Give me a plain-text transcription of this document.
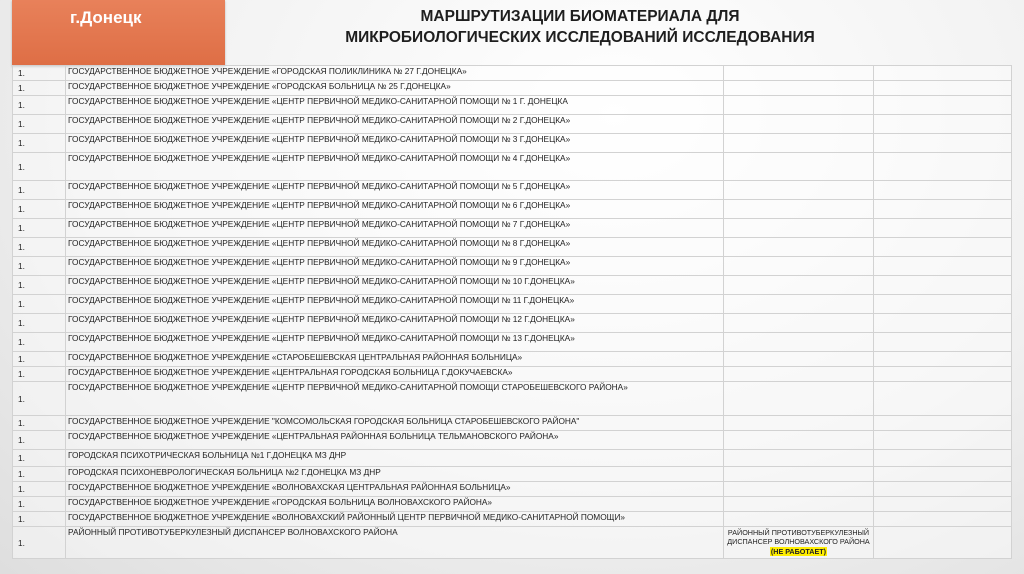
г.Донецк	МАРШРУТИЗАЦИИ БИОМАТЕРИАЛА ДЛЯ
МИКРОБИОЛОГИЧЕСКИХ ИССЛЕДОВАНИЙ ИССЛЕДОВАНИЯ
1.	ГОСУДАРСТВЕННОЕ БЮДЖЕТНОЕ УЧРЕЖДЕНИЕ «ГОРОДСКАЯ ПОЛИКЛИНИКА № 27 Г.ДОНЕЦКА»		
1.	ГОСУДАРСТВЕННОЕ БЮДЖЕТНОЕ УЧРЕЖДЕНИЕ «ГОРОДСКАЯ БОЛЬНИЦА № 25 Г.ДОНЕЦКА»		
1.	ГОСУДАРСТВЕННОЕ БЮДЖЕТНОЕ УЧРЕЖДЕНИЕ «ЦЕНТР ПЕРВИЧНОЙ МЕДИКО-САНИТАРНОЙ ПОМОЩИ № 1 Г. ДОНЕЦКА		
1.	ГОСУДАРСТВЕННОЕ БЮДЖЕТНОЕ УЧРЕЖДЕНИЕ «ЦЕНТР ПЕРВИЧНОЙ МЕДИКО-САНИТАРНОЙ ПОМОЩИ № 2 Г.ДОНЕЦКА»		
1.	ГОСУДАРСТВЕННОЕ БЮДЖЕТНОЕ УЧРЕЖДЕНИЕ «ЦЕНТР ПЕРВИЧНОЙ МЕДИКО-САНИТАРНОЙ ПОМОЩИ № 3 Г.ДОНЕЦКА»		
1.	ГОСУДАРСТВЕННОЕ БЮДЖЕТНОЕ УЧРЕЖДЕНИЕ «ЦЕНТР ПЕРВИЧНОЙ МЕДИКО-САНИТАРНОЙ ПОМОЩИ № 4 Г.ДОНЕЦКА»		
1.	ГОСУДАРСТВЕННОЕ БЮДЖЕТНОЕ УЧРЕЖДЕНИЕ «ЦЕНТР ПЕРВИЧНОЙ МЕДИКО-САНИТАРНОЙ ПОМОЩИ № 5 Г.ДОНЕЦКА»		
1.	ГОСУДАРСТВЕННОЕ БЮДЖЕТНОЕ УЧРЕЖДЕНИЕ «ЦЕНТР ПЕРВИЧНОЙ МЕДИКО-САНИТАРНОЙ ПОМОЩИ № 6 Г.ДОНЕЦКА»		
1.	ГОСУДАРСТВЕННОЕ БЮДЖЕТНОЕ УЧРЕЖДЕНИЕ «ЦЕНТР ПЕРВИЧНОЙ МЕДИКО-САНИТАРНОЙ ПОМОЩИ № 7 Г.ДОНЕЦКА»		
1.	ГОСУДАРСТВЕННОЕ БЮДЖЕТНОЕ УЧРЕЖДЕНИЕ «ЦЕНТР ПЕРВИЧНОЙ МЕДИКО-САНИТАРНОЙ ПОМОЩИ № 8 Г.ДОНЕЦКА»		
1.	ГОСУДАРСТВЕННОЕ БЮДЖЕТНОЕ УЧРЕЖДЕНИЕ «ЦЕНТР ПЕРВИЧНОЙ МЕДИКО-САНИТАРНОЙ ПОМОЩИ № 9 Г.ДОНЕЦКА»		
1.	ГОСУДАРСТВЕННОЕ БЮДЖЕТНОЕ УЧРЕЖДЕНИЕ «ЦЕНТР ПЕРВИЧНОЙ МЕДИКО-САНИТАРНОЙ ПОМОЩИ № 10 Г.ДОНЕЦКА»		
1.	ГОСУДАРСТВЕННОЕ БЮДЖЕТНОЕ УЧРЕЖДЕНИЕ «ЦЕНТР ПЕРВИЧНОЙ МЕДИКО-САНИТАРНОЙ ПОМОЩИ № 11 Г.ДОНЕЦКА»		
1.	ГОСУДАРСТВЕННОЕ БЮДЖЕТНОЕ УЧРЕЖДЕНИЕ «ЦЕНТР ПЕРВИЧНОЙ МЕДИКО-САНИТАРНОЙ ПОМОЩИ № 12 Г.ДОНЕЦКА»		
1.	ГОСУДАРСТВЕННОЕ БЮДЖЕТНОЕ УЧРЕЖДЕНИЕ «ЦЕНТР ПЕРВИЧНОЙ МЕДИКО-САНИТАРНОЙ ПОМОЩИ № 13 Г.ДОНЕЦКА»		
1.	ГОСУДАРСТВЕННОЕ БЮДЖЕТНОЕ УЧРЕЖДЕНИЕ «СТАРОБЕШЕВСКАЯ ЦЕНТРАЛЬНАЯ РАЙОННАЯ БОЛЬНИЦА»		
1.	ГОСУДАРСТВЕННОЕ БЮДЖЕТНОЕ УЧРЕЖДЕНИЕ «ЦЕНТРАЛЬНАЯ ГОРОДСКАЯ БОЛЬНИЦА Г.ДОКУЧАЕВСКА»		
1.	ГОСУДАРСТВЕННОЕ БЮДЖЕТНОЕ УЧРЕЖДЕНИЕ «ЦЕНТР ПЕРВИЧНОЙ МЕДИКО-САНИТАРНОЙ ПОМОЩИ СТАРОБЕШЕВСКОГО РАЙОНА»		
1.	ГОСУДАРСТВЕННОЕ БЮДЖЕТНОЕ УЧРЕЖДЕНИЕ "КОМСОМОЛЬСКАЯ ГОРОДСКАЯ БОЛЬНИЦА СТАРОБЕШЕВСКОГО РАЙОНА"		
1.	ГОСУДАРСТВЕННОЕ БЮДЖЕТНОЕ УЧРЕЖДЕНИЕ «ЦЕНТРАЛЬНАЯ РАЙОННАЯ БОЛЬНИЦА ТЕЛЬМАНОВСКОГО РАЙОНА»		
1.	ГОРОДСКАЯ ПСИХОТРИЧЕСКАЯ БОЛЬНИЦА №1 Г.ДОНЕЦКА МЗ ДНР		
1.	ГОРОДСКАЯ ПСИХОНЕВРОЛОГИЧЕСКАЯ БОЛЬНИЦА №2 Г.ДОНЕЦКА МЗ ДНР		
1.	ГОСУДАРСТВЕННОЕ БЮДЖЕТНОЕ УЧРЕЖДЕНИЕ «ВОЛНОВАХСКАЯ ЦЕНТРАЛЬНАЯ РАЙОННАЯ БОЛЬНИЦА»		
1.	ГОСУДАРСТВЕННОЕ БЮДЖЕТНОЕ УЧРЕЖДЕНИЕ «ГОРОДСКАЯ БОЛЬНИЦА ВОЛНОВАХСКОГО РАЙОНА»		
1.	ГОСУДАРСТВЕННОЕ БЮДЖЕТНОЕ УЧРЕЖДЕНИЕ «ВОЛНОВАХСКИЙ РАЙОННЫЙ ЦЕНТР ПЕРВИЧНОЙ МЕДИКО-САНИТАРНОЙ ПОМОЩИ»		
1.	РАЙОННЫЙ ПРОТИВОТУБЕРКУЛЕЗНЫЙ ДИСПАНСЕР ВОЛНОВАХСКОГО РАЙОНА	РАЙОННЫЙ ПРОТИВОТУБЕРКУЛЕЗНЫЙ
ДИСПАНСЕР ВОЛНОВАХСКОГО РАЙОНА
(НЕ РАБОТАЕТ)	
